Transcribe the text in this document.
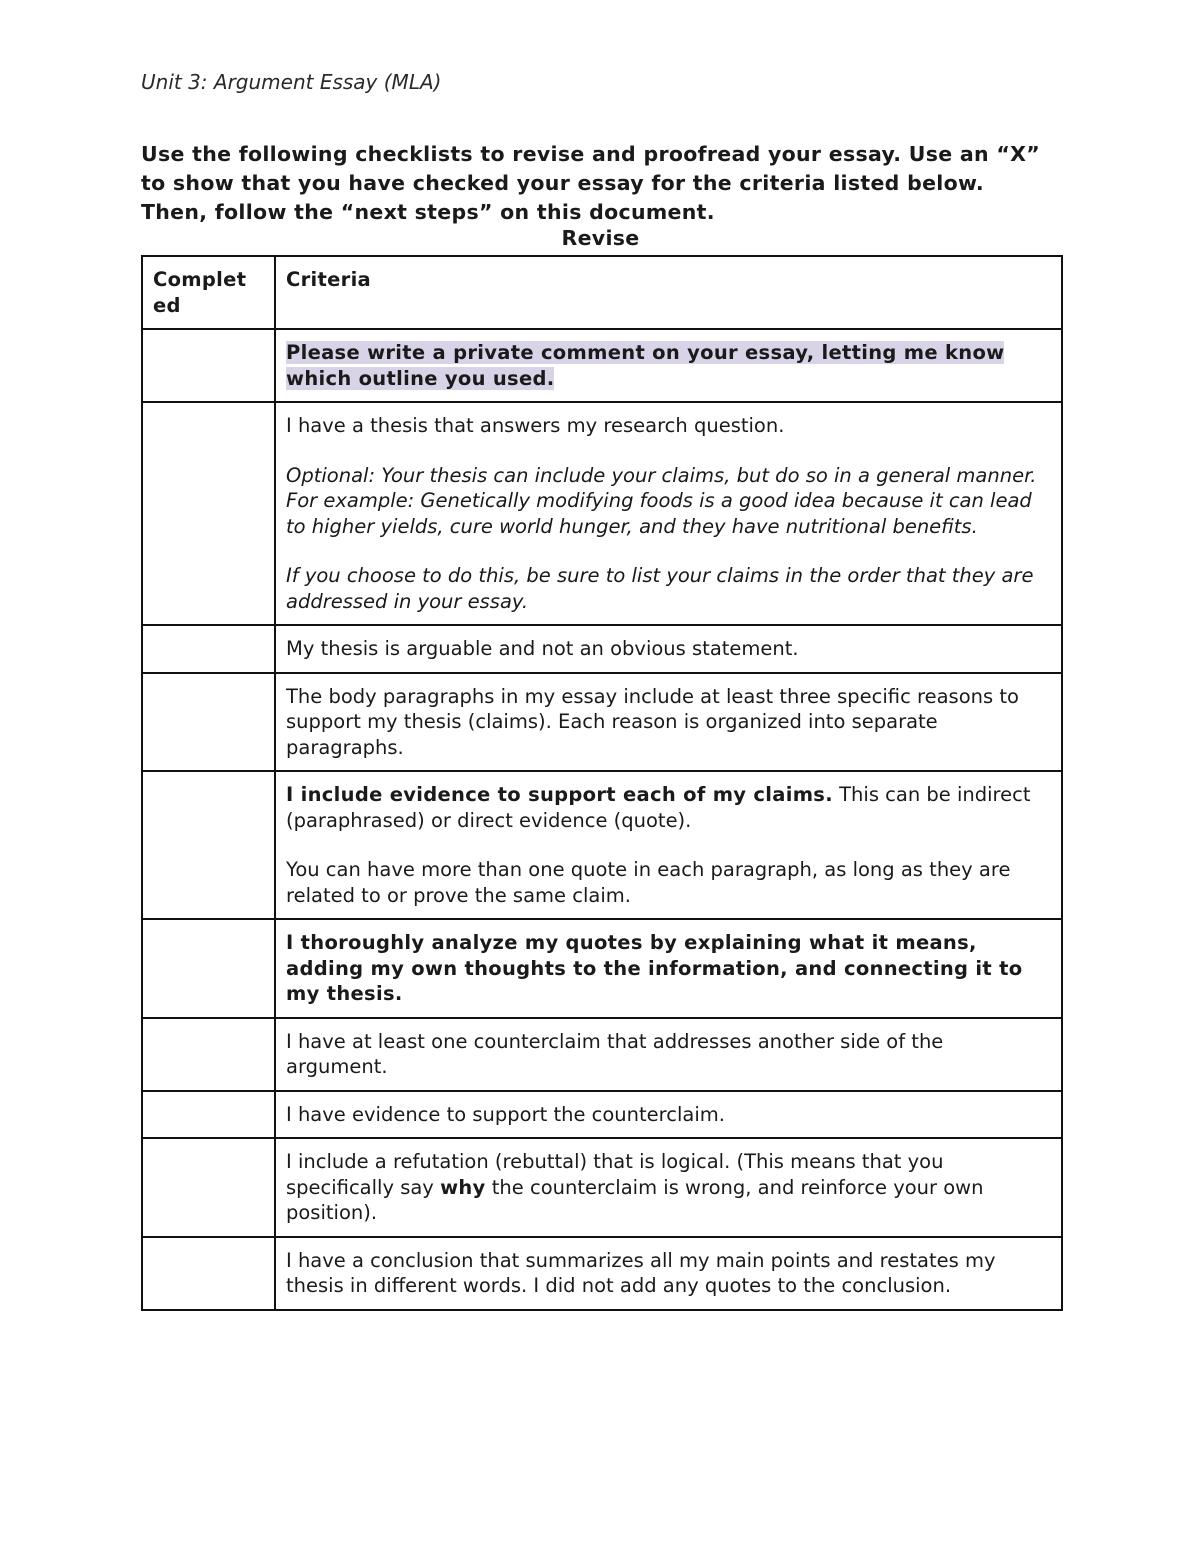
Unit 3: Argument Essay (MLA)

Use the following checklists to revise and proofread your essay. Use an “X” to show that you have checked your essay for the criteria listed below. Then, follow the “next steps” on this document.

Revise

Complet ed	Criteria

	Please write a private comment on your essay, letting me know which outline you used.

	I have a thesis that answers my research question.

Optional: Your thesis can include your claims, but do so in a general manner. For example: Genetically modifying foods is a good idea because it can lead to higher yields, cure world hunger, and they have nutritional benefits.

If you choose to do this, be sure to list your claims in the order that they are addressed in your essay.

	My thesis is arguable and not an obvious statement.

	The body paragraphs in my essay include at least three specific reasons to support my thesis (claims). Each reason is organized into separate paragraphs.

	I include evidence to support each of my claims. This can be indirect (paraphrased) or direct evidence (quote).

You can have more than one quote in each paragraph, as long as they are related to or prove the same claim.

	I thoroughly analyze my quotes by explaining what it means, adding my own thoughts to the information, and connecting it to my thesis.

	I have at least one counterclaim that addresses another side of the argument.

	I have evidence to support the counterclaim.

	I include a refutation (rebuttal) that is logical. (This means that you specifically say why the counterclaim is wrong, and reinforce your own position).

	I have a conclusion that summarizes all my main points and restates my thesis in different words. I did not add any quotes to the conclusion.
